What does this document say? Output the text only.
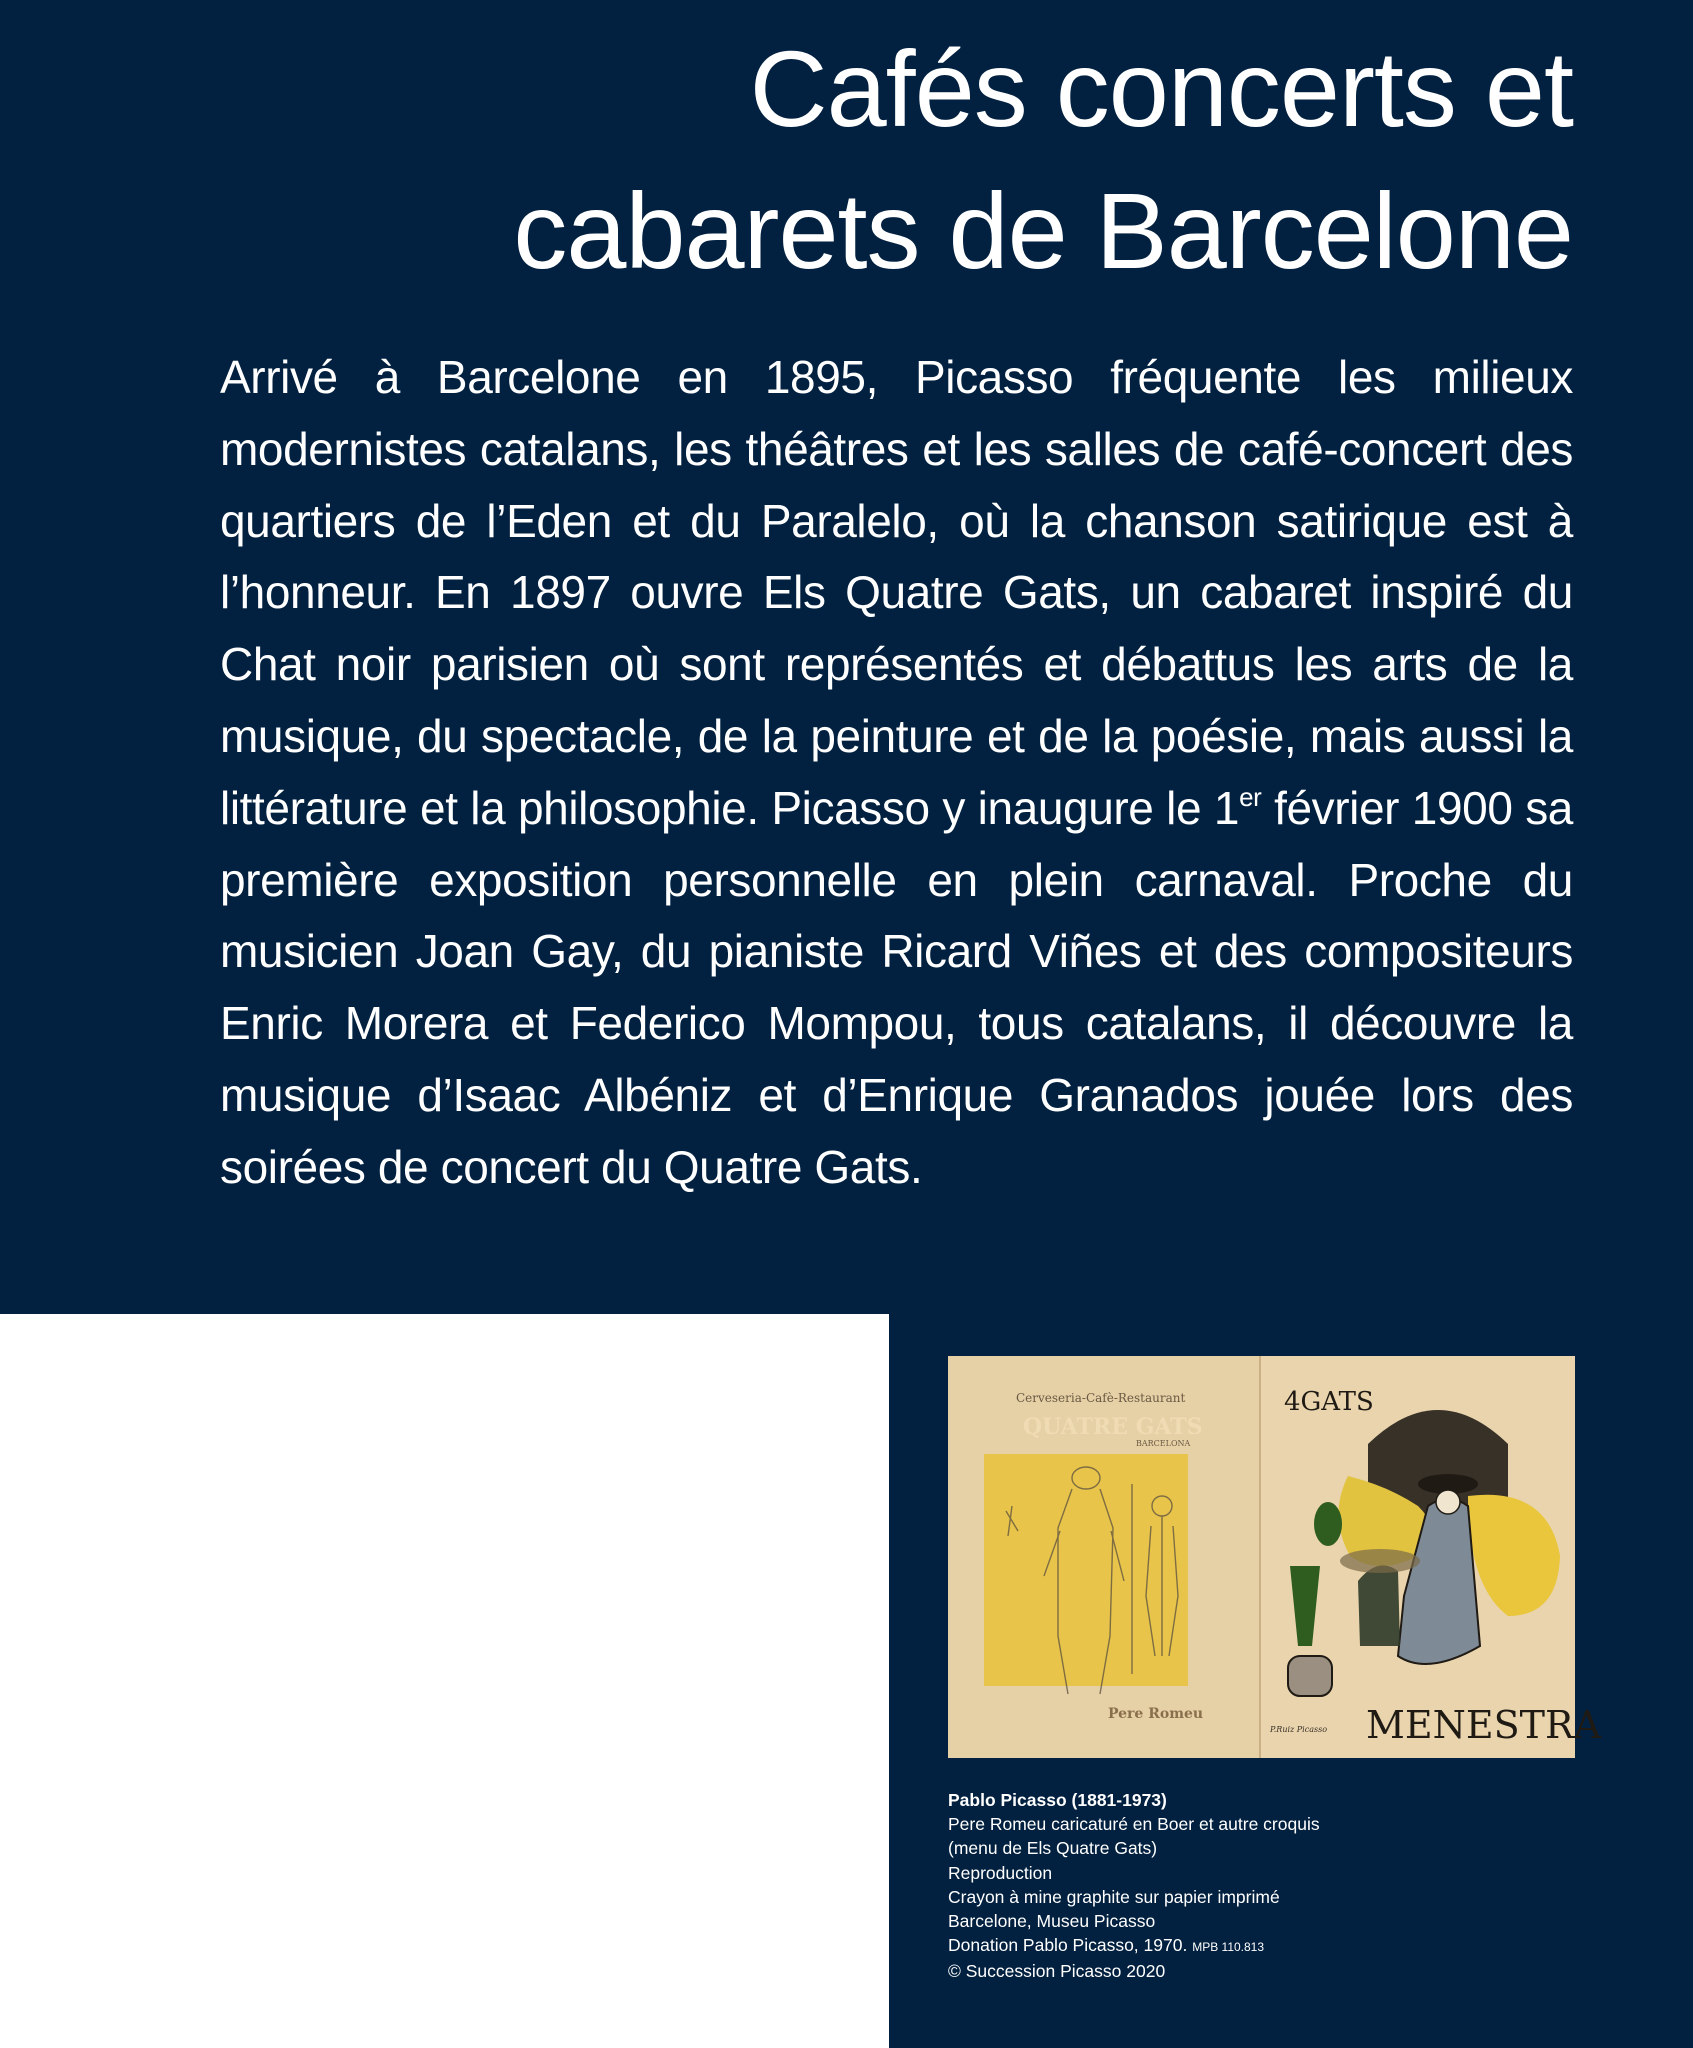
Cafés concerts et
cabarets de Barcelone

Arrivé à Barcelone en 1895, Picasso fréquente les milieux modernistes catalans, les théâtres et les salles de café-concert des quartiers de l’Eden et du Paralelo, où la chanson satirique est à l’honneur. En 1897 ouvre Els Quatre Gats, un cabaret inspiré du Chat noir parisien où sont représentés et débattus les arts de la musique, du spectacle, de la peinture et de la poésie, mais aussi la littérature et la philosophie. Picasso y inaugure le 1er février 1900 sa première exposition personnelle en plein carnaval. Proche du musicien Joan Gay, du pianiste Ricard Viñes et des compositeurs Enric Morera et Federico Mompou, tous catalans, il découvre la musique d’Isaac Albéniz et d’Enrique Granados jouée lors des soirées de concert du Quatre Gats.

Cerveseria-Cafè-Restaurant
QUATRE GATS
BARCELONA
Pere Romeu
4GATS
MENESTRA
P.Ruiz Picasso
Pablo Picasso (1881-1973)
Pere Romeu caricaturé en Boer et autre croquis
(menu de Els Quatre Gats)
Reproduction
Crayon à mine graphite sur papier imprimé
Barcelone, Museu Picasso
Donation Pablo Picasso, 1970. MPB 110.813
© Succession Picasso 2020
